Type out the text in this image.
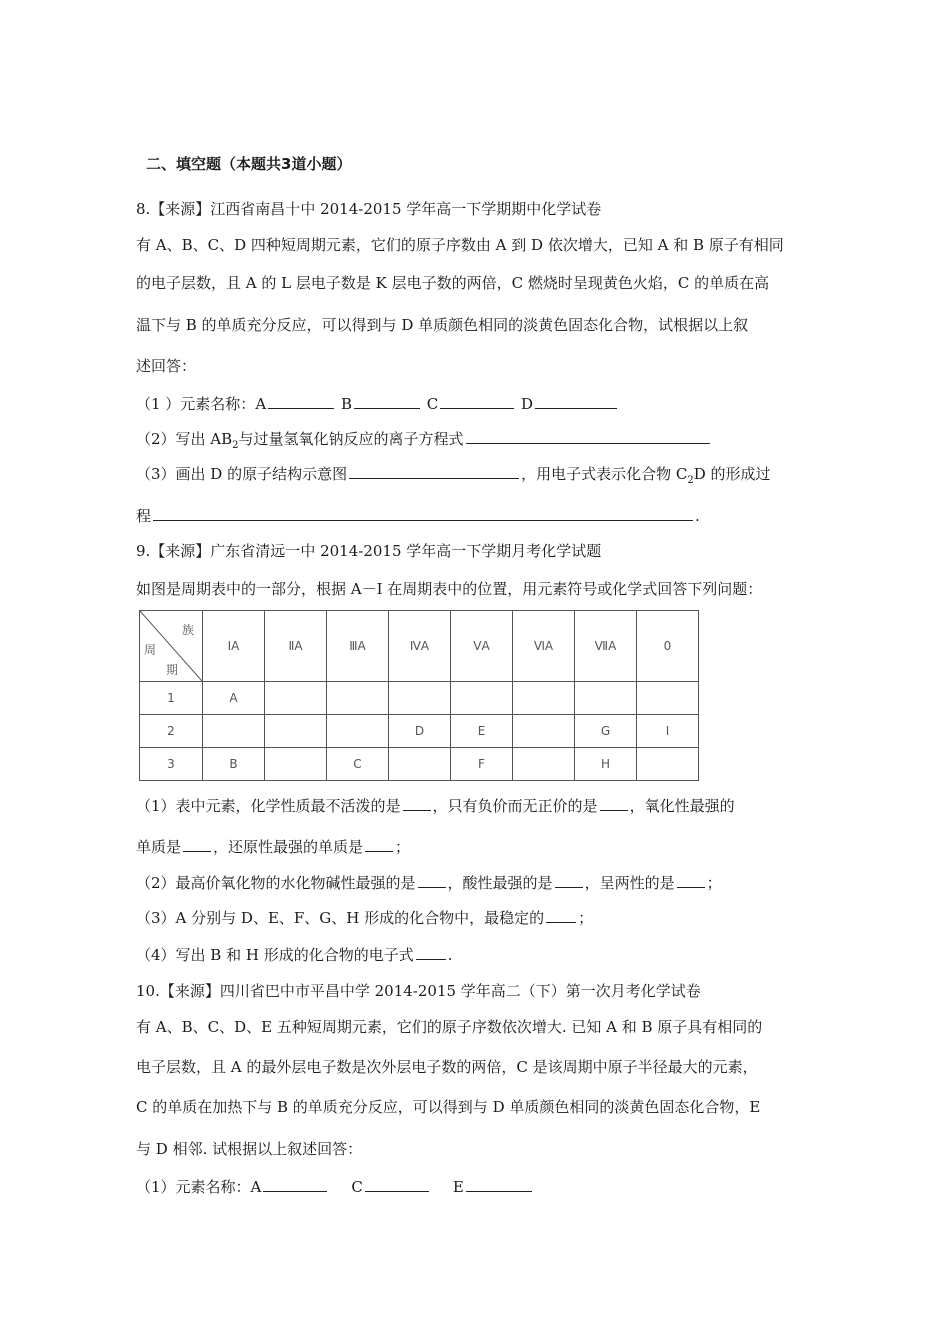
二、填空题（本题共3道小题）
8.【来源】江西省南昌十中 2014-2015 学年高一下学期期中化学试卷
有 A、B、C、D 四种短周期元素，它们的原子序数由 A 到 D 依次增大，已知 A 和 B 原子有相同
的电子层数，且 A 的 L 层电子数是 K 层电子数的两倍，C 燃烧时呈现黄色火焰，C 的单质在高
温下与 B 的单质充分反应，可以得到与 D 单质颜色相同的淡黄色固态化合物，试根据以上叙
述回答：
（1 ）元素名称：A	B	C	D
（2）写出 $AB_2$与过量氢氧化钠反应的离子方程式
（3）画出 D 的原子结构示意图	，用电子式表示化合物 $C_2D$ 的形成过
程	.
9.【来源】广东省清远一中 2014-2015 学年高一下学期月考化学试题
如图是周期表中的一部分，根据 A－I 在周期表中的位置，用元素符号或化学式回答下列问题：
族
周
期	ⅠA	ⅡA	ⅢA	ⅣA	ⅤA	ⅥA	ⅦA	0
1	A							
2				D	E		G	I
3	B		C		F		H	
（1）表中元素，化学性质最不活泼的是 ，只有负价而无正价的是 ，氧化性最强的
单质是 ，还原性最强的单质是 ；
（2）最高价氧化物的水化物碱性最强的是 ，酸性最强的是 ，呈两性的是 ；
（3）A 分别与 D、E、F、G、H 形成的化合物中，最稳定的 ；
（4）写出 B 和 H 形成的化合物的电子式 .
10.【来源】四川省巴中市平昌中学 2014-2015 学年高二（下）第一次月考化学试卷
有 A、B、C、D、E 五种短周期元素，它们的原子序数依次增大. 已知 A 和 B 原子具有相同的
电子层数，且 A 的最外层电子数是次外层电子数的两倍，C 是该周期中原子半径最大的元素，
C 的单质在加热下与 B 的单质充分反应，可以得到与 D 单质颜色相同的淡黄色固态化合物，E
与 D 相邻. 试根据以上叙述回答：
（1）元素名称：A	C	E
